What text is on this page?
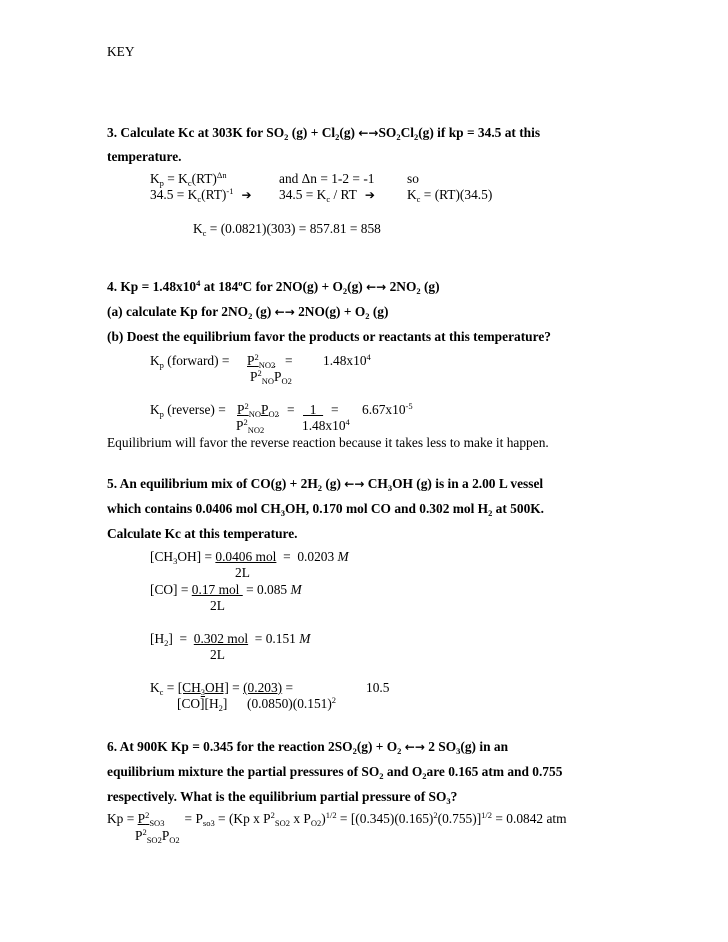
KEY
3. Calculate Kc at 303K for $SO_2$ $(g) + Cl_2(g)$ $\leftarrow\to SO_2Cl_2(g)$ if kp = 34.5 at this
temperature.
$K_p = K_c(RT)^{\Delta n}$	and Δn = 1-2 = -1 so
$34.5 = K_c(RT)^{-1}$ ➔ $34.5 = K_c$ / RT ➔ $K_c = (RT)(34.5)$
$K_c = (0.0821)(303) = 857.81 = 858$
4. $Kp = 1.48x10^4$ at 184$^o$C for $2NO(g) + O_2(g)$ ←→ $2NO_2$ (g)
(a) calculate Kp for $2NO_2$ (g) ←→ $2NO(g) + O_2$ (g)
(b) Doest the equilibrium favor the products or reactants at this temperature?
$K_p$ (forward) = $P^2_{NO2} = 1.48x10^4$
$P^2_{NO}P_{O2}$
$K_p$ (reverse) = $P^2_{NO}P_{O2} = 1 = 6.67x10^{-5}$
$P^2_{NO2}$	$1.48x10^4$
Equilibrium will favor the reverse reaction because it takes less to make it happen.
5. An equilibrium mix of $CO(g) + 2H_2$ (g) ←→ $CH_3OH$ (g) is in a 2.00 L vessel
which contains 0.0406 mol $CH_3OH$, 0.170 mol CO and 0.302 mol $H_2$ at 500K.
Calculate Kc at this temperature.
$[CH_3OH] = 0.0406$ mol  =  0.0203 M
2L
[CO] = 0.17 mol  = 0.085 M
2L
$[H_2] = 0.302$ mol  = 0.151 M
2L
$K_c = [CH_3OH] = (0.203)$ =	10.5
$[CO][H_2]$ $(0.0850)(0.151)^2$
6. At 900K Kp = 0.345 for the reaction $2SO_2(g) + O_2$ ←→ 2 $SO_3(g)$ in an
equilibrium mixture the partial pressures of $SO_2$ and $O_2are$ 0.165 atm and 0.755
respectively. What is the equilibrium partial pressure of $SO_3$?
$Kp = P^2_{SO3}$      = $P_{so3} = (Kp$ x $P^2_{SO2}$ x $P_{O2})^{1/2} = [(0.345)(0.165)^2(0.755)]^{1/2} = 0.0842$ atm
$P^2_{SO2}P_{O2}$
